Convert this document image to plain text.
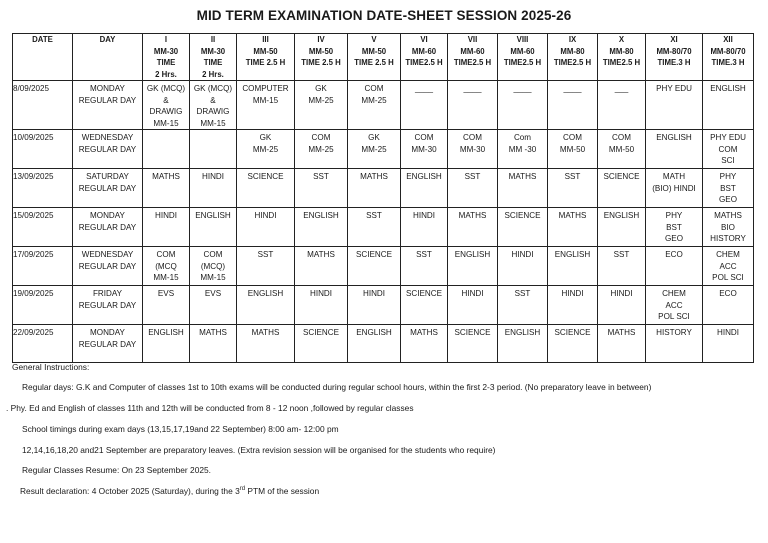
MID TERM EXAMINATION DATE-SHEET SESSION 2025-26
DATE	DAY	I
MM-30
TIME
2 Hrs.	II
MM-30
TIME
2 Hrs.	III
MM-50
TIME 2.5 H	IV
MM-50
TIME 2.5 H	V
MM-50
TIME 2.5 H	VI
MM-60
TIME2.5 H	VII
MM-60
TIME2.5 H	VIII
MM-60
TIME2.5 H	IX
MM-80
TIME2.5 H	X
MM-80
TIME2.5 H	XI
MM-80/70
TIME.3 H	XII
MM-80/70
TIME.3 H
8/09/2025	MONDAY
REGULAR DAY	GK (MCQ)
&
DRAWIG
MM-15	GK (MCQ)
&
DRAWIG
MM-15	COMPUTER
MM-15	GK
MM-25	COM
MM-25	____	____	____	____	___	PHY EDU	ENGLISH
10/09/2025	WEDNESDAY
REGULAR DAY			GK
MM-25	COM
MM-25	GK
MM-25	COM
MM-30	COM
MM-30	Com
MM -30	COM
MM-50	COM
MM-50	ENGLISH	PHY EDU
COM
SCI
13/09/2025	SATURDAY
REGULAR DAY	MATHS	HINDI	SCIENCE	SST	MATHS	ENGLISH	SST	MATHS	SST	SCIENCE	MATH
(BIO) HINDI	PHY
BST
GEO
15/09/2025	MONDAY
REGULAR DAY	HINDI	ENGLISH	HINDI	ENGLISH	SST	HINDI	MATHS	SCIENCE	MATHS	ENGLISH	PHY
BST
GEO	MATHS
BIO
HISTORY
17/09/2025	WEDNESDAY
REGULAR DAY	COM
(MCQ
MM-15	COM
(MCQ)
MM-15	SST	MATHS	SCIENCE	SST	ENGLISH	HINDI	ENGLISH	SST	ECO	CHEM
ACC
POL SCI
19/09/2025	FRIDAY
REGULAR DAY	EVS	EVS	ENGLISH	HINDI	HINDI	SCIENCE	HINDI	SST	HINDI	HINDI	CHEM
ACC
POL SCI	ECO
22/09/2025	MONDAY
REGULAR DAY	ENGLISH	MATHS	MATHS	SCIENCE	ENGLISH	MATHS	SCIENCE	ENGLISH	SCIENCE	MATHS	HISTORY	HINDI
General Instructions:
Regular days: G.K and Computer of classes 1st to 10th exams will be conducted during regular school hours, within the first 2-3 period. (No preparatory leave in between)
. Phy. Ed and English of classes 11th and 12th will be conducted from 8 - 12 noon ,followed by regular classes
School timings during exam days (13,15,17,19and 22 September) 8:00 am- 12:00 pm
12,14,16,18,20 and21 September are preparatory leaves. (Extra revision session will be organised for the students who require)
Regular Classes Resume: On 23 September 2025.
Result declaration: 4 October 2025 (Saturday), during the 3rd PTM of the session
